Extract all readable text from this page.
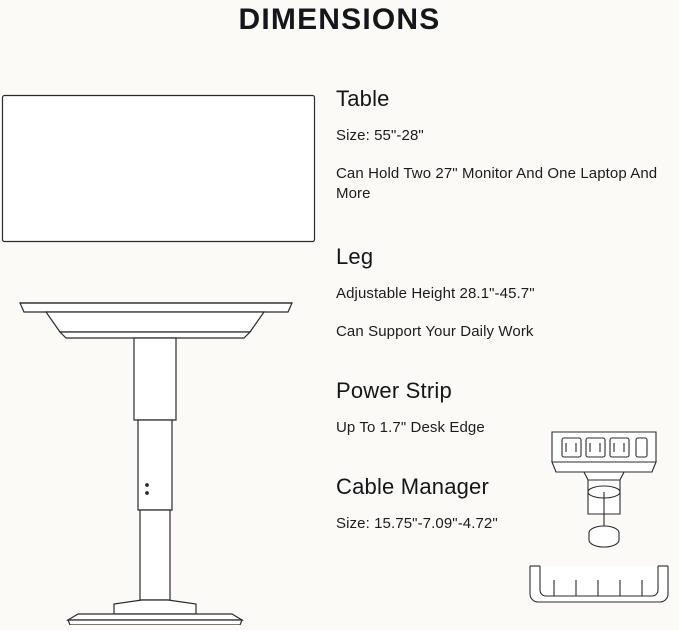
DIMENSIONS
Table

Size: 55"-28"

Can Hold Two 27" Monitor And One Laptop And More

Leg

Adjustable Height 28.1"-45.7"

Can Support Your Daily Work

Power Strip

Up To 1.7" Desk Edge

Cable Manager

Size: 15.75"-7.09"-4.72"
